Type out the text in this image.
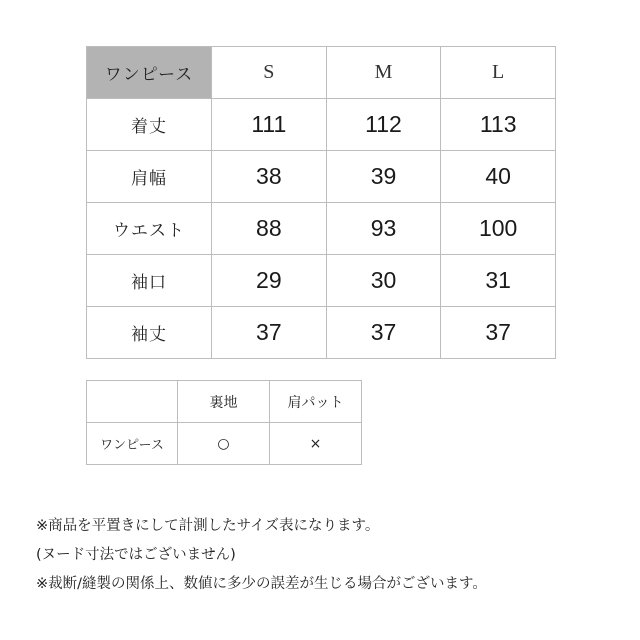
ワンピース	S	M	L
着丈	111	112	113
肩幅	38	39	40
ウエスト	88	93	100
袖口	29	30	31
袖丈	37	37	37
	裏地	肩パット
ワンピース	○	×
※商品を平置きにして計測したサイズ表になります。
(ヌード寸法ではございません)
※裁断/縫製の関係上、数値に多少の誤差が生じる場合がございます。
